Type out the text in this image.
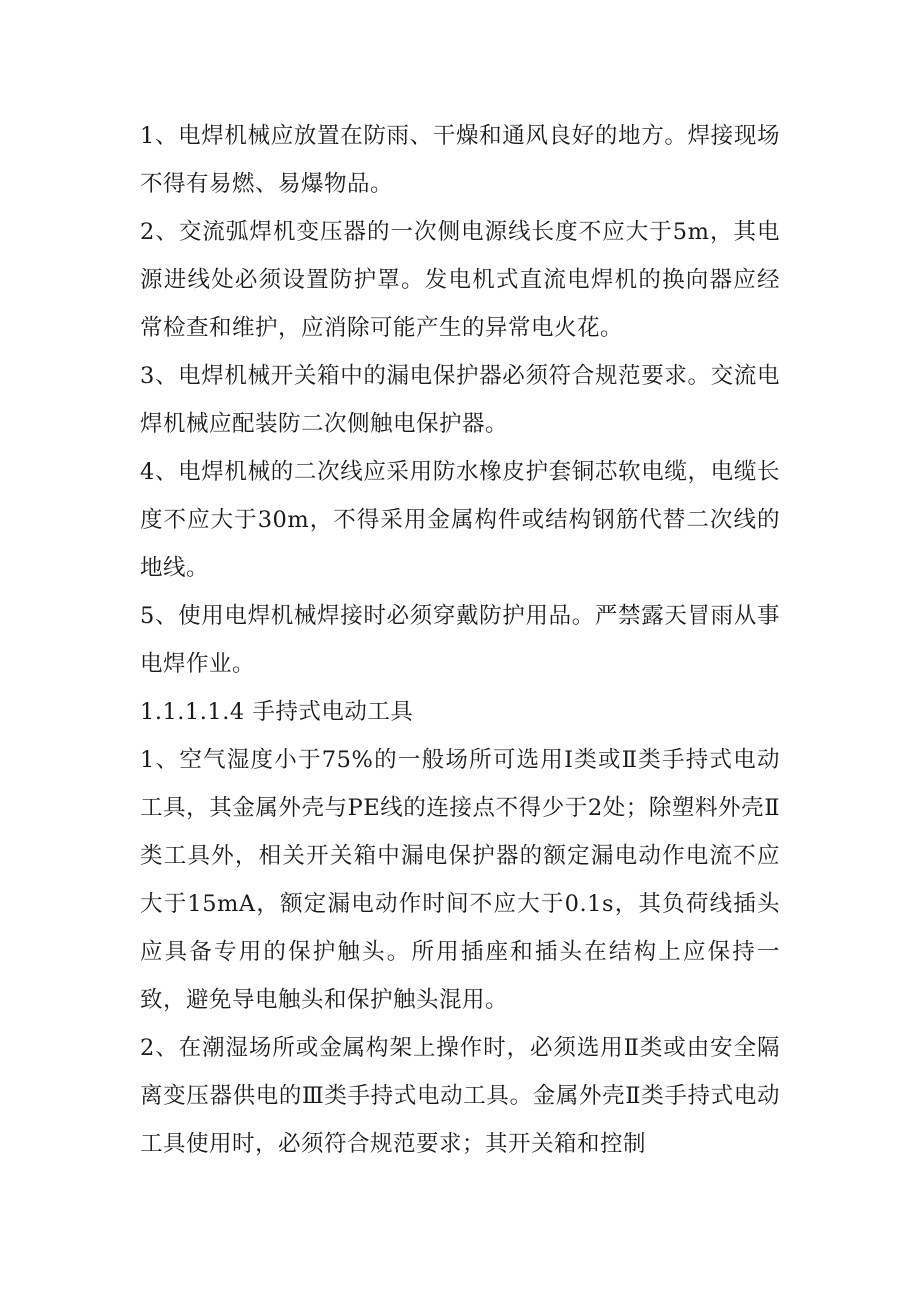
1、电焊机械应放置在防雨、干燥和通风良好的地方。焊接现场不得有易燃、易爆物品。

2、交流弧焊机变压器的一次侧电源线长度不应大于5m，其电源进线处必须设置防护罩。发电机式直流电焊机的换向器应经常检查和维护，应消除可能产生的异常电火花。

3、电焊机械开关箱中的漏电保护器必须符合规范要求。交流电焊机械应配装防二次侧触电保护器。

4、电焊机械的二次线应采用防水橡皮护套铜芯软电缆，电缆长度不应大于30m，不得采用金属构件或结构钢筋代替二次线的地线。

5、使用电焊机械焊接时必须穿戴防护用品。严禁露天冒雨从事电焊作业。

1.1.1.1.4 手持式电动工具

1、空气湿度小于75%的一般场所可选用Ⅰ类或Ⅱ类手持式电动工具，其金属外壳与PE线的连接点不得少于2处；除塑料外壳Ⅱ类工具外，相关开关箱中漏电保护器的额定漏电动作电流不应大于15mA，额定漏电动作时间不应大于0.1s，其负荷线插头应具备专用的保护触头。所用插座和插头在结构上应保持一致，避免导电触头和保护触头混用。

2、在潮湿场所或金属构架上操作时，必须选用Ⅱ类或由安全隔离变压器供电的Ⅲ类手持式电动工具。金属外壳Ⅱ类手持式电动工具使用时，必须符合规范要求；其开关箱和控制
